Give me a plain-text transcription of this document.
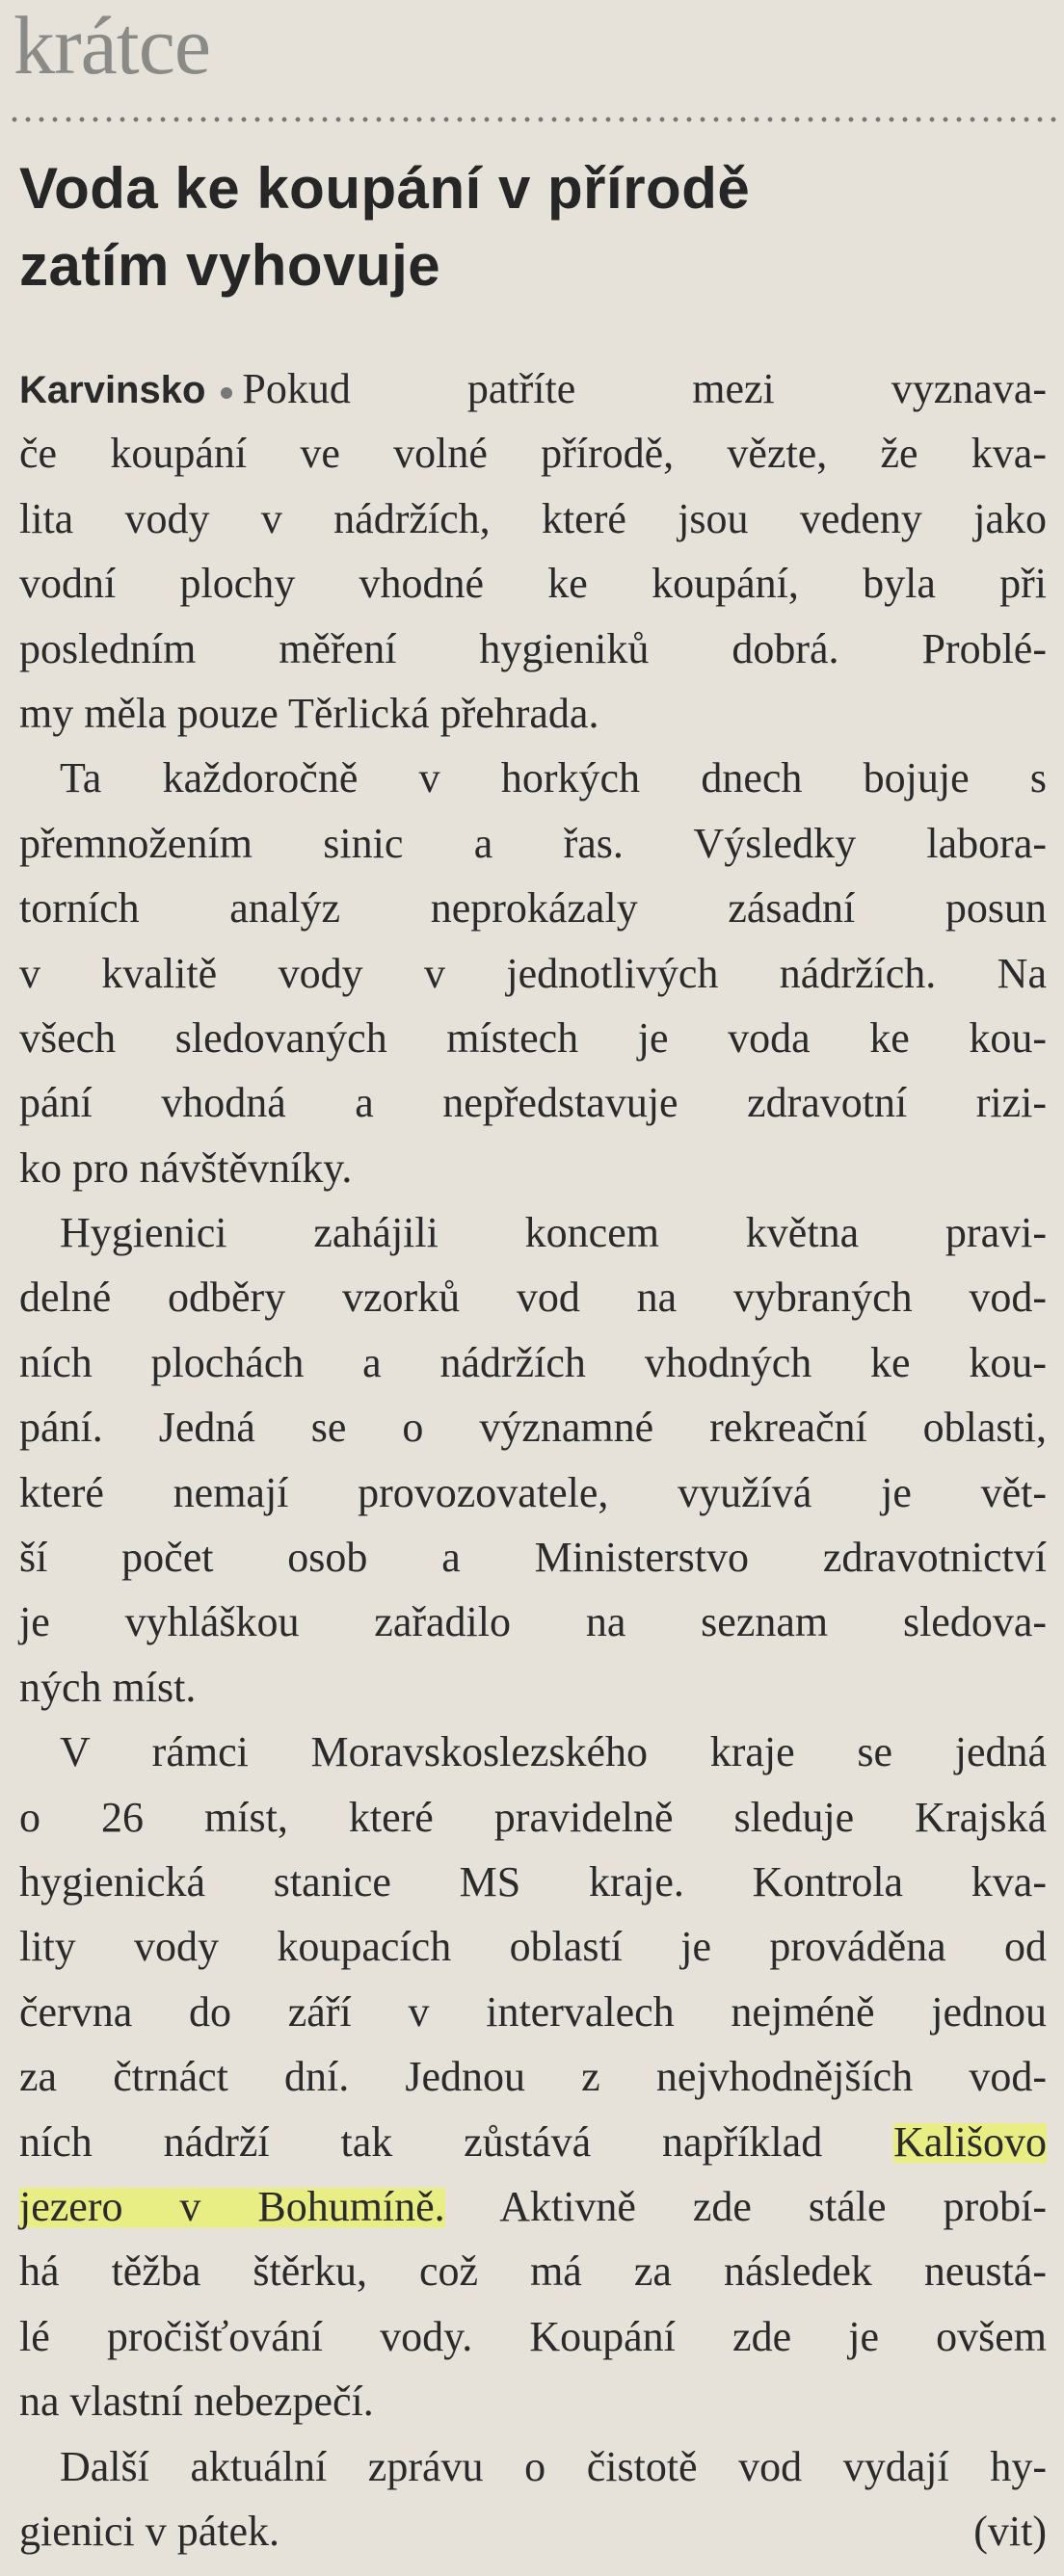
krátce
Voda ke koupání v přírodě
zatím vyhovuje
Karvinsko Pokud patříte mezi vyznava-
če koupání ve volné přírodě, vězte, že kva-
lita vody v nádržích, které jsou vedeny jako
vodní plochy vhodné ke koupání, byla při
posledním měření hygieniků dobrá. Problé-
my měla pouze Těrlická přehrada.
Ta každoročně v horkých dnech bojuje s
přemnožením sinic a řas. Výsledky labora-
torních analýz neprokázaly zásadní posun
v kvalitě vody v jednotlivých nádržích. Na
všech sledovaných místech je voda ke kou-
pání vhodná a nepředstavuje zdravotní rizi-
ko pro návštěvníky.
Hygienici zahájili koncem května pravi-
delné odběry vzorků vod na vybraných vod-
ních plochách a nádržích vhodných ke kou-
pání. Jedná se o významné rekreační oblasti,
které nemají provozovatele, využívá je vět-
ší počet osob a Ministerstvo zdravotnictví
je vyhláškou zařadilo na seznam sledova-
ných míst.
V rámci Moravskoslezského kraje se jedná
o 26 míst, které pravidelně sleduje Krajská
hygienická stanice MS kraje. Kontrola kva-
lity vody koupacích oblastí je prováděna od
června do září v intervalech nejméně jednou
za čtrnáct dní. Jednou z nejvhodnějších vod-
ních nádrží tak zůstává například Kališovo
jezero v Bohumíně. Aktivně zde stále probí-
há těžba štěrku, což má za následek neustá-
lé pročišťování vody. Koupání zde je ovšem
na vlastní nebezpečí.
Další aktuální zprávu o čistotě vod vydají hy-
gienici v pátek.	(vit)
